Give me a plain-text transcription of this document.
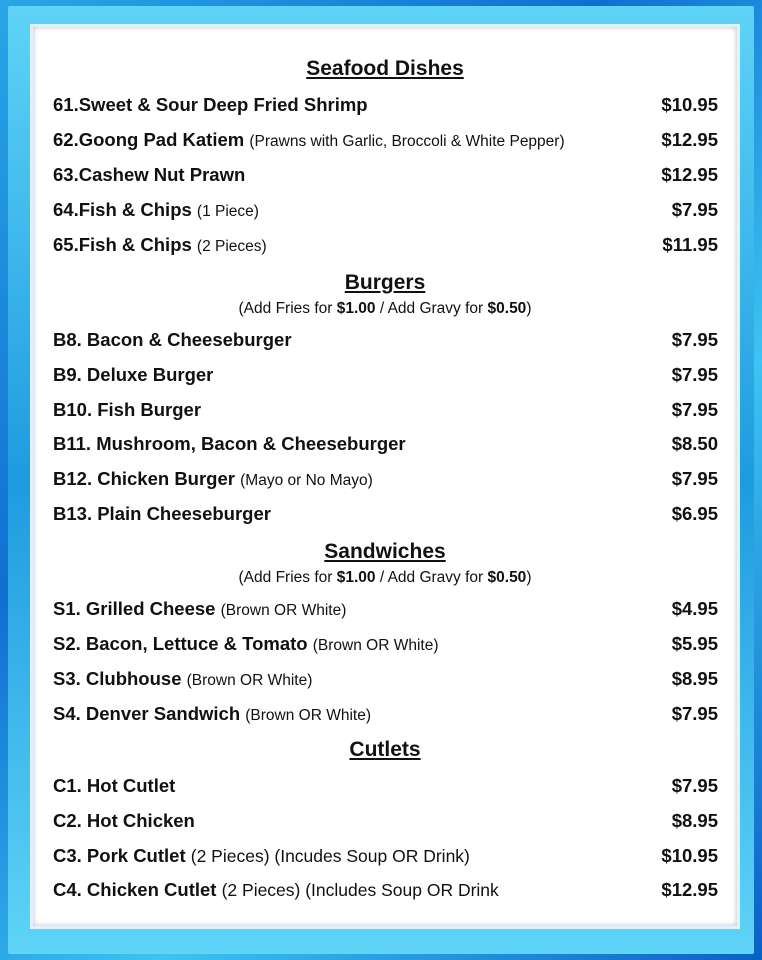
Seafood Dishes
61.Sweet & Sour Deep Fried Shrimp	$10.95
62.Goong Pad Katiem (Prawns with Garlic, Broccoli & White Pepper)	$12.95
63.Cashew Nut Prawn	$12.95
64.Fish & Chips (1 Piece)	$7.95
65.Fish & Chips (2 Pieces)	$11.95
Burgers
(Add Fries for $1.00 / Add Gravy for $0.50)
B8. Bacon & Cheeseburger	$7.95
B9. Deluxe Burger	$7.95
B10. Fish Burger	$7.95
B11. Mushroom, Bacon & Cheeseburger	$8.50
B12. Chicken Burger (Mayo or No Mayo)	$7.95
B13. Plain Cheeseburger	$6.95
Sandwiches
(Add Fries for $1.00 / Add Gravy for $0.50)
S1. Grilled Cheese (Brown OR White)	$4.95
S2. Bacon, Lettuce & Tomato (Brown OR White)	$5.95
S3. Clubhouse (Brown OR White)	$8.95
S4. Denver Sandwich (Brown OR White)	$7.95
Cutlets
C1. Hot Cutlet	$7.95
C2. Hot Chicken	$8.95
C3. Pork Cutlet (2 Pieces) (Incudes Soup OR Drink)	$10.95
C4. Chicken Cutlet (2 Pieces) (Includes Soup OR Drink	$12.95
